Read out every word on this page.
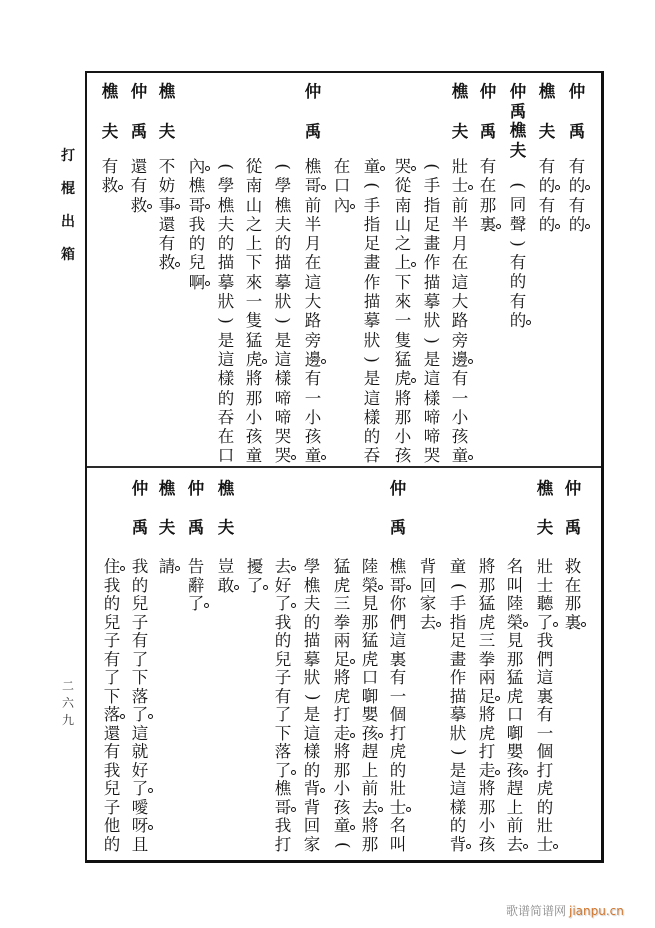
打
棍
出
箱
二
六
九
仲
禹
有
的
有
的
樵
夫
有
的
有
的
仲
禹
樵
夫
(
同
聲
)
有
的
有
的
仲
禹
有
在
那
裏
樵
夫
壯
士
前
半
月
在
這
大
路
旁
邊
有
一
小
孩
童
(
手
指
足
畫
作
描
摹
狀
)
是
這
樣
啼
啼
哭
哭
從
南
山
之
上
下
來
一
隻
猛
虎
將
那
小
孩
童
(
手
指
足
畫
作
描
摹
狀
)
是
這
樣
的
吞
在
口
內
仲
禹
樵
哥
前
半
月
在
這
大
路
旁
邊
有
一
小
孩
童
(
學
樵
夫
的
描
摹
狀
)
是
這
樣
啼
啼
哭
哭
從
南
山
之
上
下
來
一
隻
猛
虎
將
那
小
孩
童
(
學
樵
夫
的
描
摹
狀
)
是
這
樣
的
吞
在
口
內
樵
哥
我
的
兒
啊
樵
夫
不
妨
事
還
有
救
仲
禹
還
有
救
樵
夫
有
救
仲
禹
救
在
那
裏
樵
夫
壯
士
聽
了
我
們
這
裏
有
一
個
打
虎
的
壯
士
名
叫
陸
榮
見
那
猛
虎
口
啣
嬰
孩
趕
上
前
去
將
那
猛
虎
三
拳
兩
足
將
虎
打
走
將
那
小
孩
童
(
手
指
足
畫
作
描
摹
狀
)
是
這
樣
的
背
背
回
家
去
仲
禹
樵
哥
你
們
這
裏
有
一
個
打
虎
的
壯
士
名
叫
陸
榮
見
那
猛
虎
口
啣
嬰
孩
趕
上
前
去
將
那
猛
虎
三
拳
兩
足
將
虎
打
走
將
那
小
孩
童
(
學
樵
夫
的
描
摹
狀
)
是
這
樣
的
背
背
回
家
去
好
了
我
的
兒
子
有
了
下
落
了
樵
哥
我
打
擾
了
樵
夫
豈
敢
仲
禹
告
辭
了
樵
夫
請
仲
禹
我
的
兒
子
有
了
下
落
了
這
就
好
了
噯
呀
且
住
我
的
兒
子
有
了
下
落
還
有
我
兒
子
他
的
歌谱简谱网 jianpu.cn
